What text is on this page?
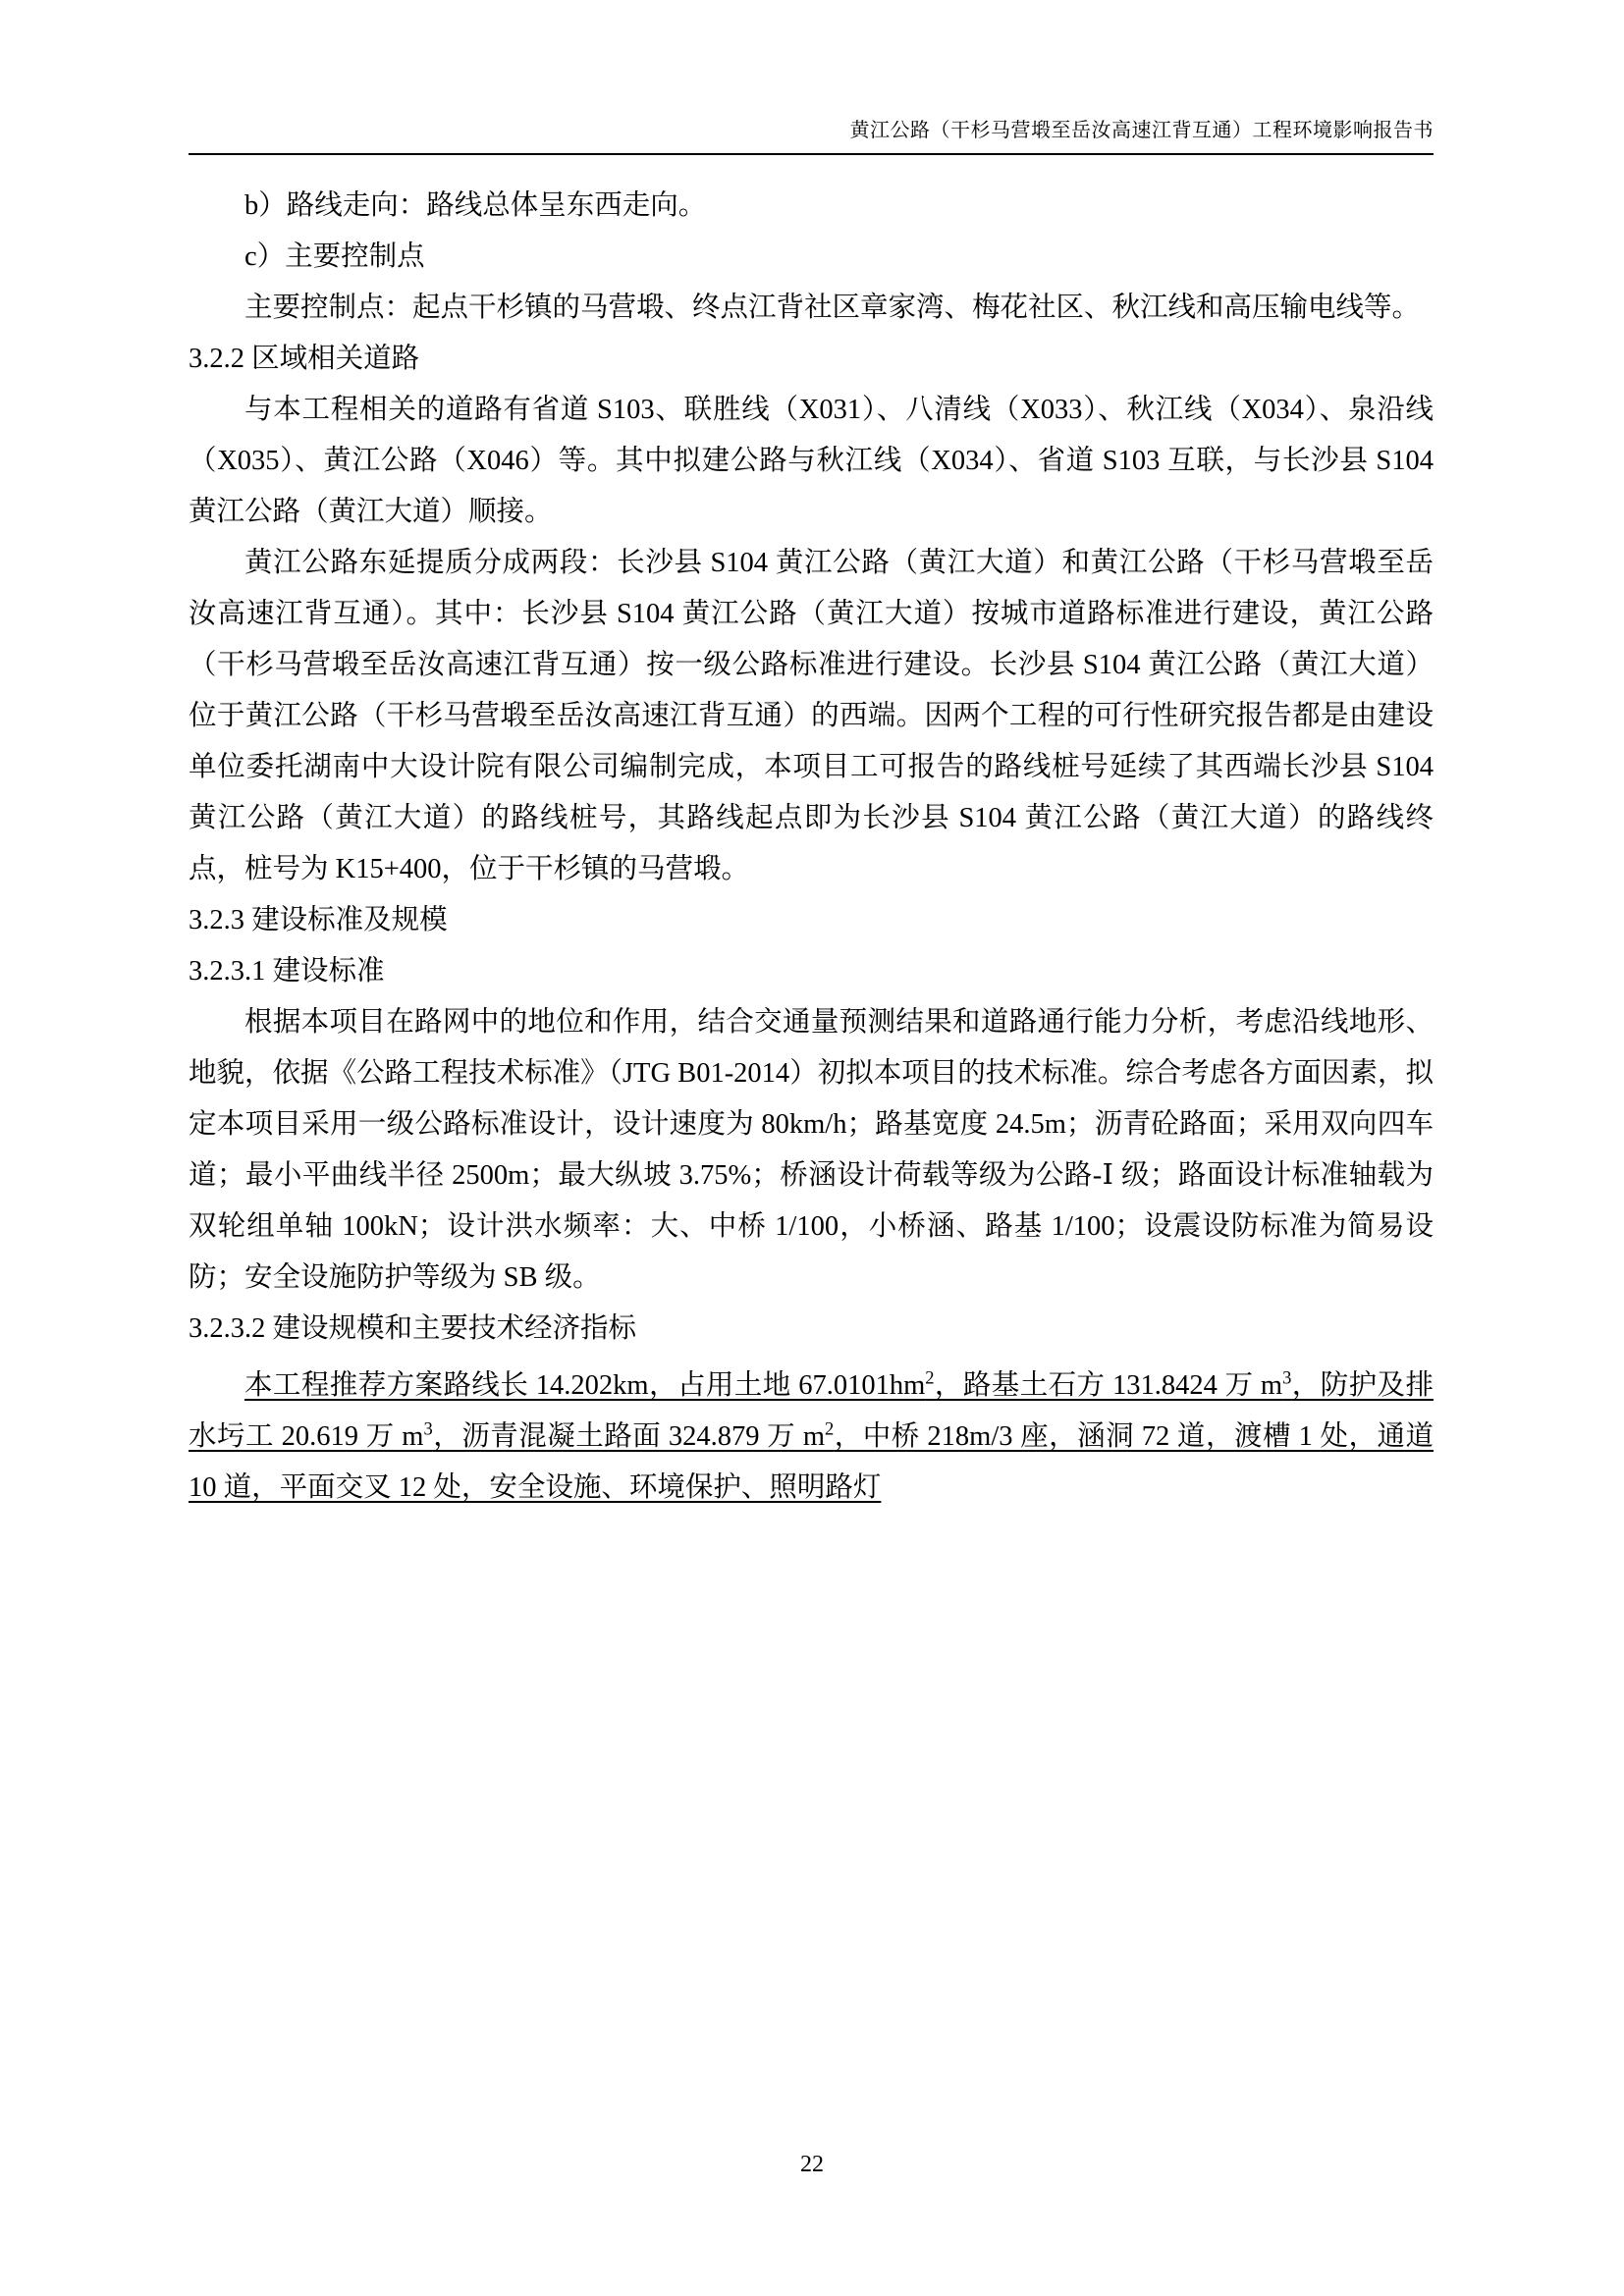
黄江公路（干杉马营塅至岳汝高速江背互通）工程环境影响报告书

b）路线走向：路线总体呈东西走向。

c）主要控制点

主要控制点：起点干杉镇的马营塅、终点江背社区章家湾、梅花社区、秋江线和高压输电线等。

3.2.2 区域相关道路

与本工程相关的道路有省道 S103、联胜线（X031）、八清线（X033）、秋江线（X034）、泉沿线（X035）、黄江公路（X046）等。其中拟建公路与秋江线（X034）、省道 S103 互联，与长沙县 S104 黄江公路（黄江大道）顺接。

黄江公路东延提质分成两段：长沙县 S104 黄江公路（黄江大道）和黄江公路（干杉马营塅至岳汝高速江背互通）。其中：长沙县 S104 黄江公路（黄江大道）按城市道路标准进行建设，黄江公路（干杉马营塅至岳汝高速江背互通）按一级公路标准进行建设。长沙县 S104 黄江公路（黄江大道）位于黄江公路（干杉马营塅至岳汝高速江背互通）的西端。因两个工程的可行性研究报告都是由建设单位委托湖南中大设计院有限公司编制完成，本项目工可报告的路线桩号延续了其西端长沙县 S104 黄江公路（黄江大道）的路线桩号，其路线起点即为长沙县 S104 黄江公路（黄江大道）的路线终点，桩号为 K15+400，位于干杉镇的马营塅。

3.2.3 建设标准及规模

3.2.3.1 建设标准

根据本项目在路网中的地位和作用，结合交通量预测结果和道路通行能力分析，考虑沿线地形、地貌，依据《公路工程技术标准》（JTG B01-2014）初拟本项目的技术标准。综合考虑各方面因素，拟定本项目采用一级公路标准设计，设计速度为 80km/h；路基宽度 24.5m；沥青砼路面；采用双向四车道；最小平曲线半径 2500m；最大纵坡 3.75%；桥涵设计荷载等级为公路-Ⅰ 级；路面设计标准轴载为双轮组单轴 100kN；设计洪水频率：大、中桥 1/100，小桥涵、路基 1/100；设震设防标准为简易设防；安全设施防护等级为 SB 级。

3.2.3.2 建设规模和主要技术经济指标

本工程推荐方案路线长 14.202km，占用土地 $67.0101hm^2$，路基土石方 131.8424 万 $m^3$，防护及排水圬工 20.619 万 $m^3$，沥青混凝土路面 324.879 万 $m^2$，中桥 218m/3 座，涵洞 72 道，渡槽 1 处，通道 10 道，平面交叉 12 处，安全设施、环境保护、照明路灯

22
